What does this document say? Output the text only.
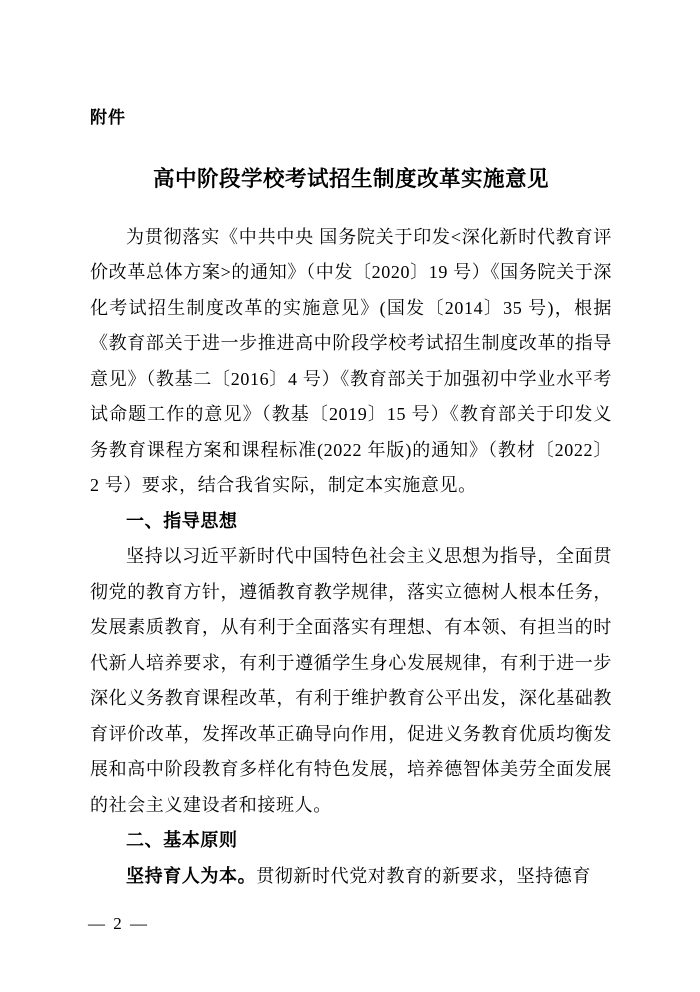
附件
高中阶段学校考试招生制度改革实施意见

为贯彻落实《中共中央 国务院关于印发<深化新时代教育评价改革总体方案>的通知》（中发〔2020〕19 号）《国务院关于深化考试招生制度改革的实施意见》(国发〔2014〕35 号)，根据《教育部关于进一步推进高中阶段学校考试招生制度改革的指导意见》（教基二〔2016〕4 号）《教育部关于加强初中学业水平考试命题工作的意见》（教基〔2019〕15 号）《教育部关于印发义务教育课程方案和课程标准(2022 年版)的通知》（教材〔2022〕2 号）要求，结合我省实际，制定本实施意见。

一、指导思想

坚持以习近平新时代中国特色社会主义思想为指导，全面贯彻党的教育方针，遵循教育教学规律，落实立德树人根本任务，发展素质教育，从有利于全面落实有理想、有本领、有担当的时代新人培养要求，有利于遵循学生身心发展规律，有利于进一步深化义务教育课程改革，有利于维护教育公平出发，深化基础教育评价改革，发挥改革正确导向作用，促进义务教育优质均衡发展和高中阶段教育多样化有特色发展，培养德智体美劳全面发展的社会主义建设者和接班人。

二、基本原则

坚持育人为本。贯彻新时代党对教育的新要求，坚持德育

— 2 —
